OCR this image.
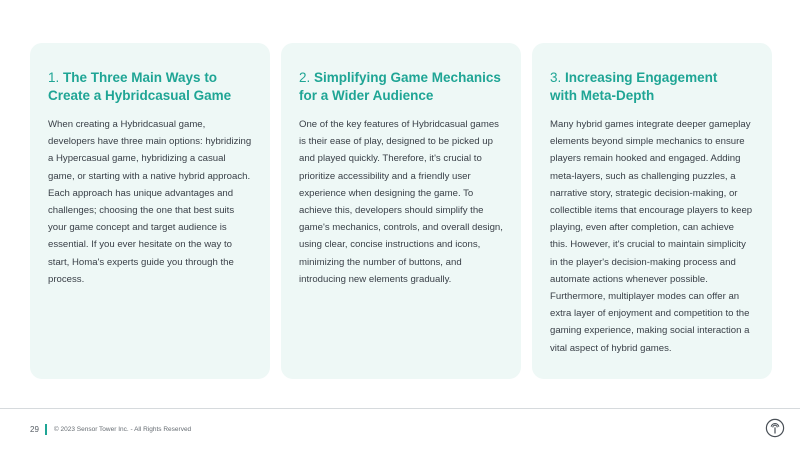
1. The Three Main Ways to
Create a Hybridcasual Game

When creating a Hybridcasual game, developers have three main options: hybridizing a Hypercasual game, hybridizing a casual game, or starting with a native hybrid approach. Each approach has unique advantages and challenges; choosing the one that best suits your game concept and target audience is essential. If you ever hesitate on the way to start, Homa's experts guide you through the process.

2. Simplifying Game Mechanics
for a Wider Audience

One of the key features of Hybridcasual games is their ease of play, designed to be picked up and played quickly. Therefore, it's crucial to prioritize accessibility and a friendly user experience when designing the game. To achieve this, developers should simplify the game's mechanics, controls, and overall design, using clear, concise instructions and icons, minimizing the number of buttons, and introducing new elements gradually.

3. Increasing Engagement
with Meta-Depth

Many hybrid games integrate deeper gameplay elements beyond simple mechanics to ensure players remain hooked and engaged. Adding meta-layers, such as challenging puzzles, a narrative story, strategic decision-making, or collectible items that encourage players to keep playing, even after completion, can achieve this. However, it's crucial to maintain simplicity in the player's decision-making process and automate actions whenever possible. Furthermore, multiplayer modes can offer an extra layer of enjoyment and competition to the gaming experience, making social interaction a vital aspect of hybrid games.

29 © 2023 Sensor Tower Inc. - All Rights Reserved
